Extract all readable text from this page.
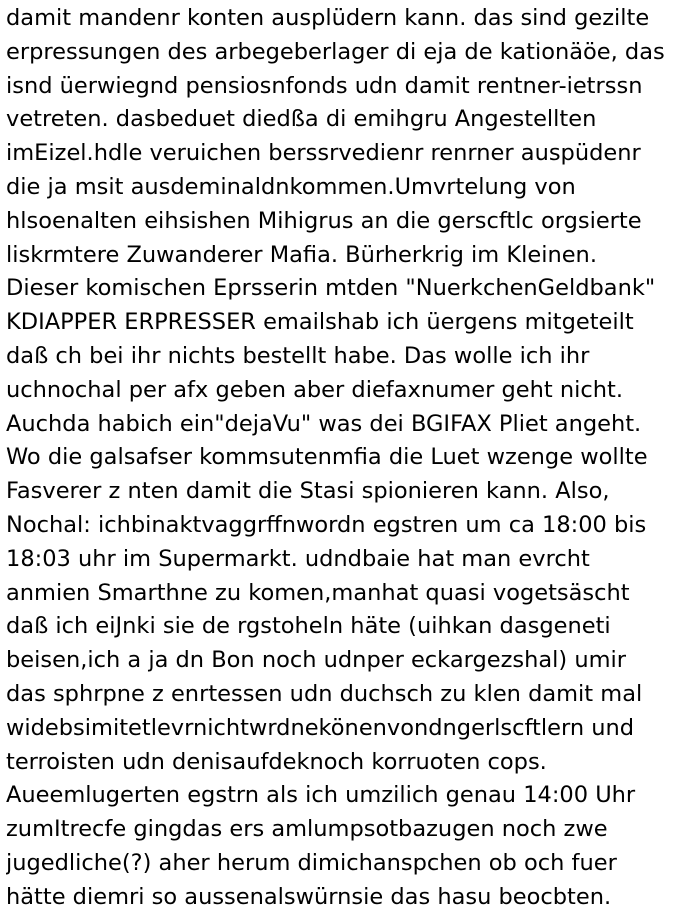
damit mandenr konten ausplüdern kann. das sind gezilte
erpressungen des arbegeberlager di eja de kationäöe, das
isnd üerwiegnd pensiosnfonds udn damit rentner-ietrssn
vetreten. dasbeduet diedßa di emihgru Angestellten
imEizel.hdle veruichen berssrvedienr renrner auspüdenr
die ja msit ausdeminaldnkommen.Umvrtelung von
hlsoenalten eihsishen Mihigrus an die gerscftlc orgsierte
liskrmtere Zuwanderer Mafia. Bürherkrig im Kleinen.
Dieser komischen Eprsserin mtden "NuerkchenGeldbank"
KDIAPPER ERPRESSER emailshab ich üergens mitgeteilt
daß ch bei ihr nichts bestellt habe. Das wolle ich ihr
uchnochal per afx geben aber diefaxnumer geht nicht.
Auchda habich ein"dejaVu" was dei BGIFAX Pliet angeht.
Wo die galsafser kommsutenmfia die Luet wzenge wollte
Fasverer z nten damit die Stasi spionieren kann. Also,
Nochal: ichbinaktvaggrffnwordn egstren um ca 18:00 bis
18:03 uhr im Supermarkt. udndbaie hat man evrcht
anmien Smarthne zu komen,manhat quasi vogetsäscht
daß ich eiJnki sie de rgstoheln häte (uihkan dasgeneti
beisen,ich a ja dn Bon noch udnper eckargezshal) umir
das sphrpne z enrtessen udn duchsch zu klen damit mal
widebsimitetlevrnichtwrdnekönenvondngerlscftlern und
terroisten udn denisaufdeknoch korruoten cops.
Aueemlugerten egstrn als ich umzilich genau 14:00 Uhr
zumItrecfe gingdas ers amlumpsotbazugen noch zwe
jugedliche(?) aher herum dimichanspchen ob och fuer
hätte diemri so aussenalswürnsie das hasu beocbten.
